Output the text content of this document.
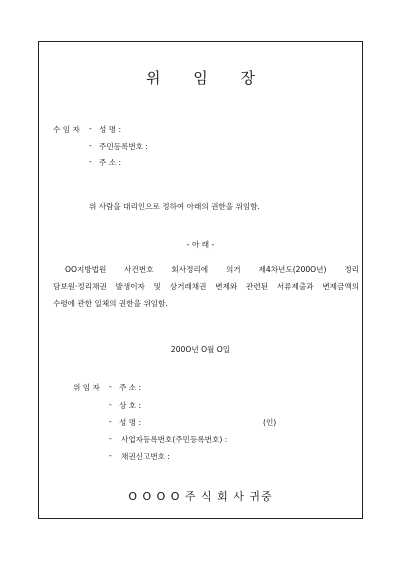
위 임 장
수 임 자 - 성 명 :
- 주민등록번호 :
- 주 소 :
위 사람을 대리인으로 정하여 아래의 권한을 위임함.
- 아 래 -
OO지방법원 사건번호 회사정리에 의거 제4차년도(200O년) 정리
담보원·정리채권 발생이자 및 상거래채권 변제와 관련된 서류제출과 변제금액의
수령에 관한 일체의 권한을 위임함.
200O년 O월 O일
위 임 자 - 주 소 :
- 상 호 :
- 성 명 :	(인)
- 사업자등록번호(주민등록번호) :
- 채권신고번호 :
O O O O 주 식 회 사 귀중
